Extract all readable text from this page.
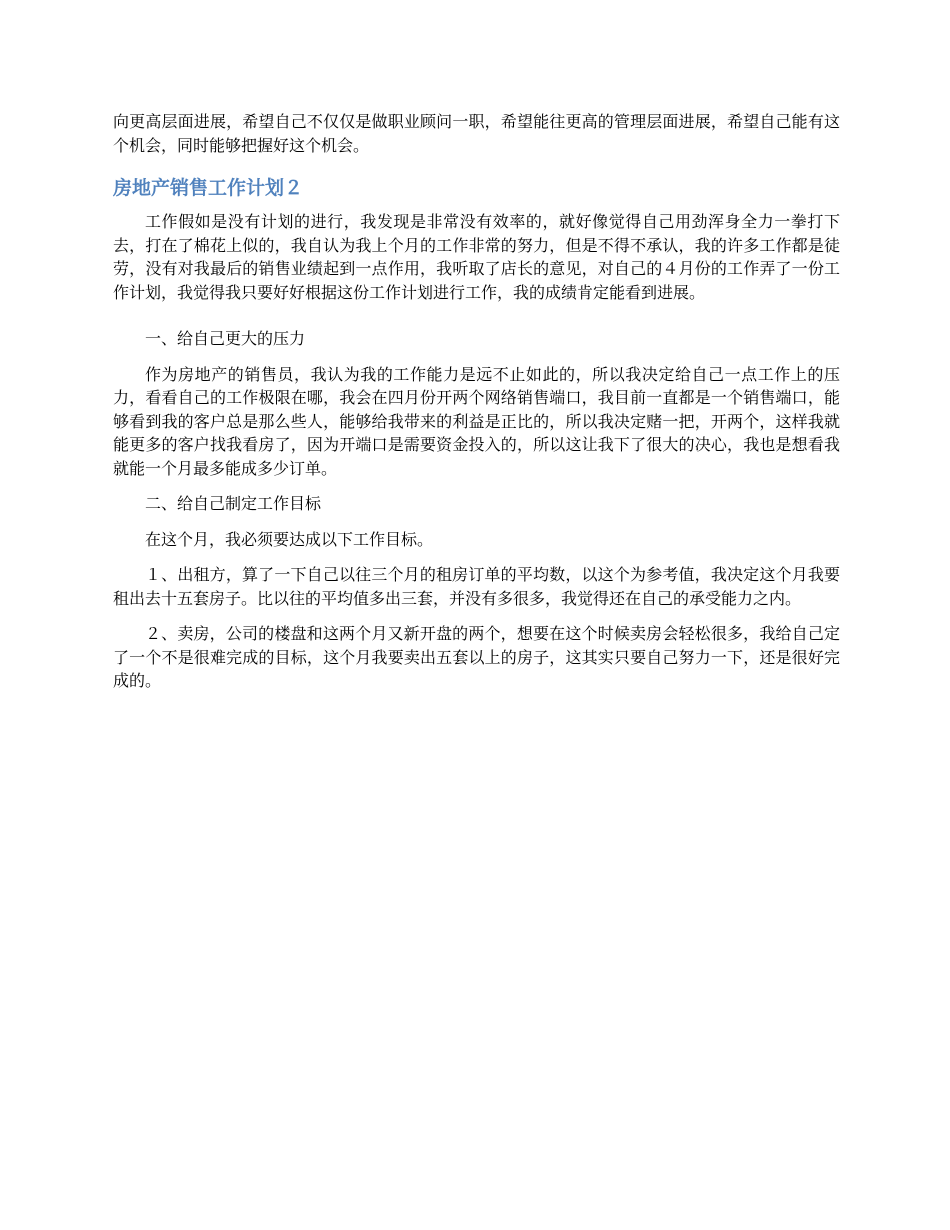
向更高层面进展，希望自己不仅仅是做职业顾问一职，希望能往更高的管理层面进展，希望自己能有这个机会，同时能够把握好这个机会。

房地产销售工作计划２

工作假如是没有计划的进行，我发现是非常没有效率的，就好像觉得自己用劲浑身全力一拳打下去，打在了棉花上似的，我自认为我上个月的工作非常的努力，但是不得不承认，我的许多工作都是徒劳，没有对我最后的销售业绩起到一点作用，我听取了店长的意见，对自己的４月份的工作弄了一份工作计划，我觉得我只要好好根据这份工作计划进行工作，我的成绩肯定能看到进展。

一、给自己更大的压力

作为房地产的销售员，我认为我的工作能力是远不止如此的，所以我决定给自己一点工作上的压力，看看自己的工作极限在哪，我会在四月份开两个网络销售端口，我目前一直都是一个销售端口，能够看到我的客户总是那么些人，能够给我带来的利益是正比的，所以我决定赌一把，开两个，这样我就能更多的客户找我看房了，因为开端口是需要资金投入的，所以这让我下了很大的决心，我也是想看我就能一个月最多能成多少订单。

二、给自己制定工作目标

在这个月，我必须要达成以下工作目标。

１、出租方，算了一下自己以往三个月的租房订单的平均数，以这个为参考值，我决定这个月我要租出去十五套房子。比以往的平均值多出三套，并没有多很多，我觉得还在自己的承受能力之内。

２、卖房，公司的楼盘和这两个月又新开盘的两个，想要在这个时候卖房会轻松很多，我给自己定了一个不是很难完成的目标，这个月我要卖出五套以上的房子，这其实只要自己努力一下，还是很好完成的。
